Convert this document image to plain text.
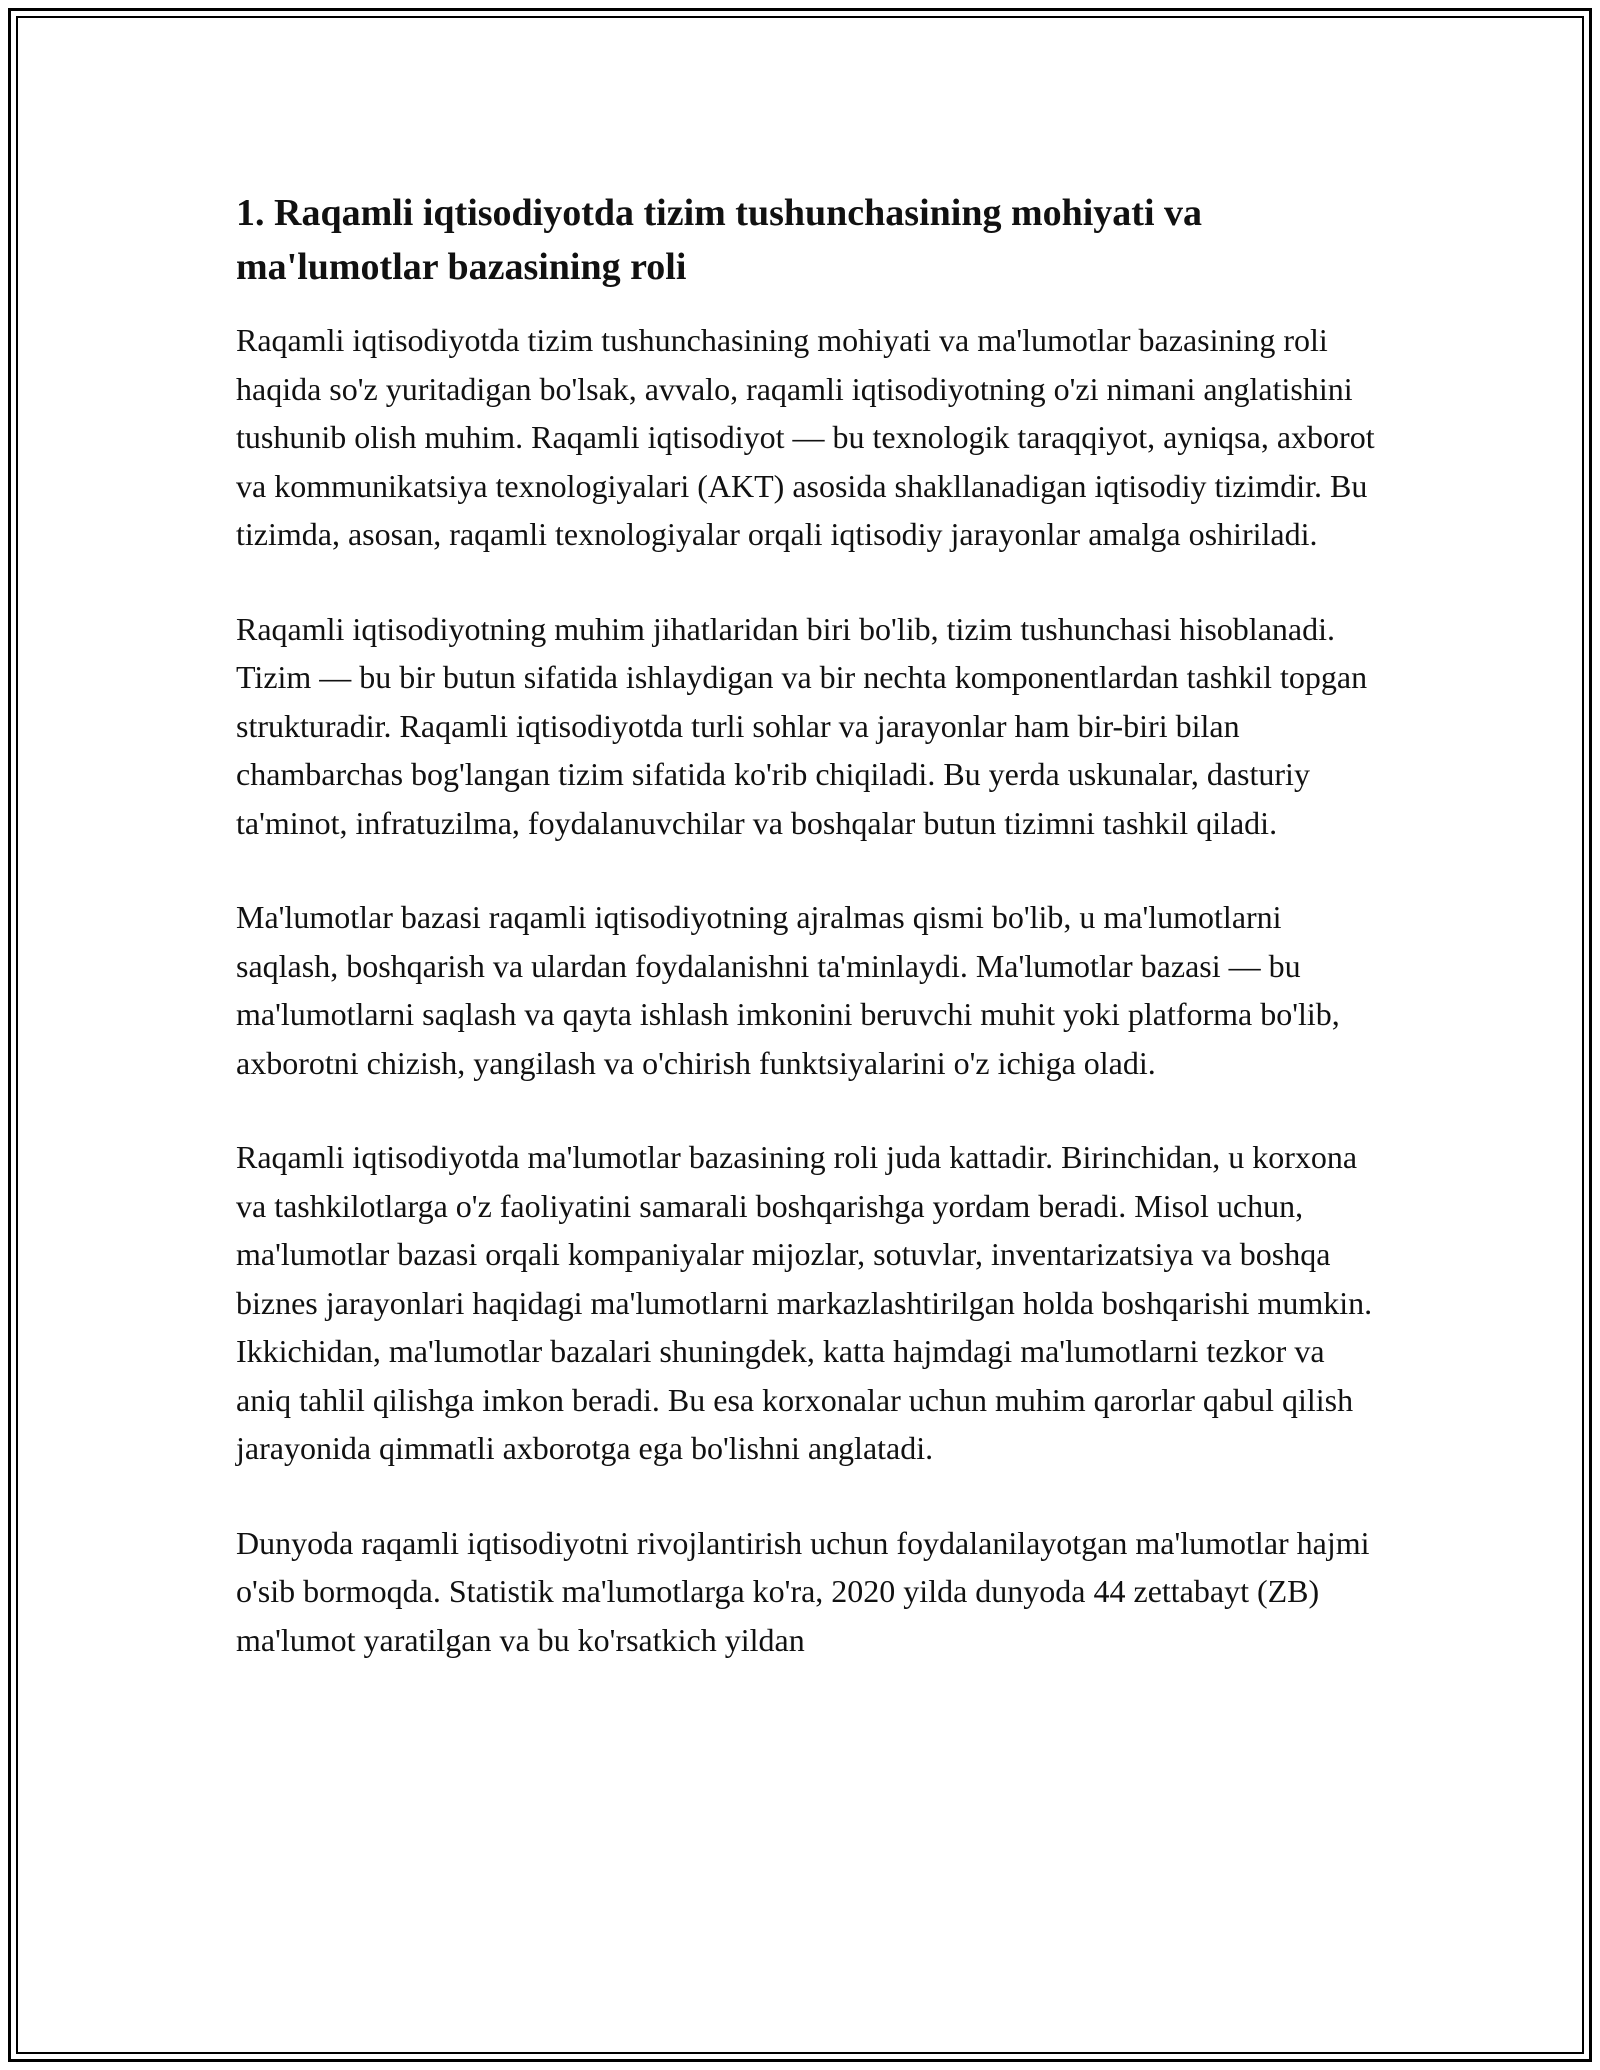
1. Raqamli iqtisodiyotda tizim tushunchasining mohiyati va ma'lumotlar bazasining roli

Raqamli iqtisodiyotda tizim tushunchasining mohiyati va ma'lumotlar bazasining roli haqida so'z yuritadigan bo'lsak, avvalo, raqamli iqtisodiyotning o'zi nimani anglatishini tushunib olish muhim. Raqamli iqtisodiyot — bu texnologik taraqqiyot, ayniqsa, axborot va kommunikatsiya texnologiyalari (AKT) asosida shakllanadigan iqtisodiy tizimdir. Bu tizimda, asosan, raqamli texnologiyalar orqali iqtisodiy jarayonlar amalga oshiriladi.

Raqamli iqtisodiyotning muhim jihatlaridan biri bo'lib, tizim tushunchasi hisoblanadi. Tizim — bu bir butun sifatida ishlaydigan va bir nechta komponentlardan tashkil topgan strukturadir. Raqamli iqtisodiyotda turli sohlar va jarayonlar ham bir-biri bilan chambarchas bog'langan tizim sifatida ko'rib chiqiladi. Bu yerda uskunalar, dasturiy ta'minot, infratuzilma, foydalanuvchilar va boshqalar butun tizimni tashkil qiladi.

Ma'lumotlar bazasi raqamli iqtisodiyotning ajralmas qismi bo'lib, u ma'lumotlarni saqlash, boshqarish va ulardan foydalanishni ta'minlaydi. Ma'lumotlar bazasi — bu ma'lumotlarni saqlash va qayta ishlash imkonini beruvchi muhit yoki platforma bo'lib, axborotni chizish, yangilash va o'chirish funktsiyalarini o'z ichiga oladi.

Raqamli iqtisodiyotda ma'lumotlar bazasining roli juda kattadir. Birinchidan, u korxona va tashkilotlarga o'z faoliyatini samarali boshqarishga yordam beradi. Misol uchun, ma'lumotlar bazasi orqali kompaniyalar mijozlar, sotuvlar, inventarizatsiya va boshqa biznes jarayonlari haqidagi ma'lumotlarni markazlashtirilgan holda boshqarishi mumkin. Ikkichidan, ma'lumotlar bazalari shuningdek, katta hajmdagi ma'lumotlarni tezkor va aniq tahlil qilishga imkon beradi. Bu esa korxonalar uchun muhim qarorlar qabul qilish jarayonida qimmatli axborotga ega bo'lishni anglatadi.

Dunyoda raqamli iqtisodiyotni rivojlantirish uchun foydalanilayotgan ma'lumotlar hajmi o'sib bormoqda. Statistik ma'lumotlarga ko'ra, 2020 yilda dunyoda 44 zettabayt (ZB) ma'lumot yaratilgan va bu ko'rsatkich yildan
